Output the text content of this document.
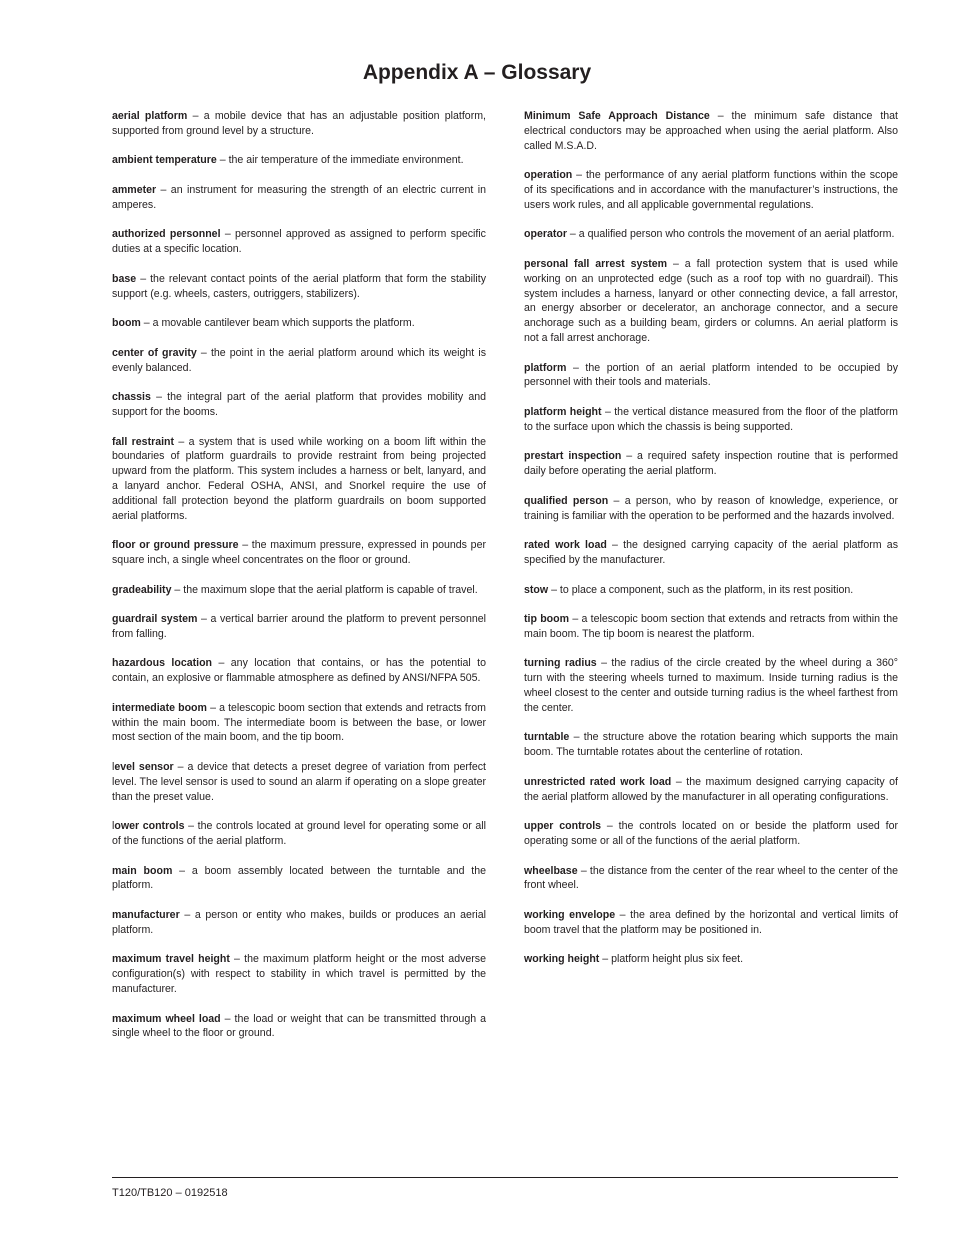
Appendix A – Glossary

aerial platform – a mobile device that has an adjustable position platform, supported from ground level by a structure.

ambient temperature – the air temperature of the immediate environment.

ammeter – an instrument for measuring the strength of an electric current in amperes.

authorized personnel – personnel approved as assigned to perform specific duties at a specific location.

base – the relevant contact points of the aerial platform that form the stability support (e.g. wheels, casters, outriggers, stabilizers).

boom – a movable cantilever beam which supports the platform.

center of gravity – the point in the aerial platform around which its weight is evenly balanced.

chassis – the integral part of the aerial platform that provides mobility and support for the booms.

fall restraint – a system that is used while working on a boom lift within the boundaries of platform guardrails to provide restraint from being projected upward from the platform. This system includes a harness or belt, lanyard, and a lanyard anchor. Federal OSHA, ANSI, and Snorkel require the use of additional fall protection beyond the platform guardrails on boom supported aerial platforms.

floor or ground pressure – the maximum pressure, expressed in pounds per square inch, a single wheel concentrates on the floor or ground.

gradeability – the maximum slope that the aerial platform is capable of travel.

guardrail system – a vertical barrier around the platform to prevent personnel from falling.

hazardous location – any location that contains, or has the potential to contain, an explosive or flammable atmosphere as defined by ANSI/NFPA 505.

intermediate boom – a telescopic boom section that extends and retracts from within the main boom. The intermediate boom is between the base, or lower most section of the main boom, and the tip boom.

level sensor – a device that detects a preset degree of variation from perfect level. The level sensor is used to sound an alarm if operating on a slope greater than the preset value.

lower controls – the controls located at ground level for operating some or all of the functions of the aerial platform.

main boom – a boom assembly located between the turntable and the platform.

manufacturer – a person or entity who makes, builds or produces an aerial platform.

maximum travel height – the maximum platform height or the most adverse configuration(s) with respect to stability in which travel is permitted by the manufacturer.

maximum wheel load – the load or weight that can be transmitted through a single wheel to the floor or ground.

Minimum Safe Approach Distance – the minimum safe distance that electrical conductors may be approached when using the aerial platform. Also called M.S.A.D.

operation – the performance of any aerial platform functions within the scope of its specifications and in accordance with the manufacturer’s instructions, the users work rules, and all applicable governmental regulations.

operator – a qualified person who controls the movement of an aerial platform.

personal fall arrest system – a fall protection system that is used while working on an unprotected edge (such as a roof top with no guardrail). This system includes a harness, lanyard or other connecting device, a fall arrestor, an energy absorber or decelerator, an anchorage connector, and a secure anchorage such as a building beam, girders or columns. An aerial platform is not a fall arrest anchorage.

platform – the portion of an aerial platform intended to be occupied by personnel with their tools and materials.

platform height – the vertical distance measured from the floor of the platform to the surface upon which the chassis is being supported.

prestart inspection – a required safety inspection routine that is performed daily before operating the aerial platform.

qualified person – a person, who by reason of knowledge, experience, or training is familiar with the operation to be performed and the hazards involved.

rated work load – the designed carrying capacity of the aerial platform as specified by the manufacturer.

stow – to place a component, such as the platform, in its rest position.

tip boom – a telescopic boom section that extends and retracts from within the main boom. The tip boom is nearest the platform.

turning radius – the radius of the circle created by the wheel during a 360° turn with the steering wheels turned to maximum. Inside turning radius is the wheel closest to the center and outside turning radius is the wheel farthest from the center.

turntable – the structure above the rotation bearing which supports the main boom. The turntable rotates about the centerline of rotation.

unrestricted rated work load – the maximum designed carrying capacity of the aerial platform allowed by the manufacturer in all operating configurations.

upper controls – the controls located on or beside the platform used for operating some or all of the functions of the aerial platform.

wheelbase – the distance from the center of the rear wheel to the center of the front wheel.

working envelope – the area defined by the horizontal and vertical limits of boom travel that the platform may be positioned in.

working height – platform height plus six feet.

T120/TB120 – 0192518
